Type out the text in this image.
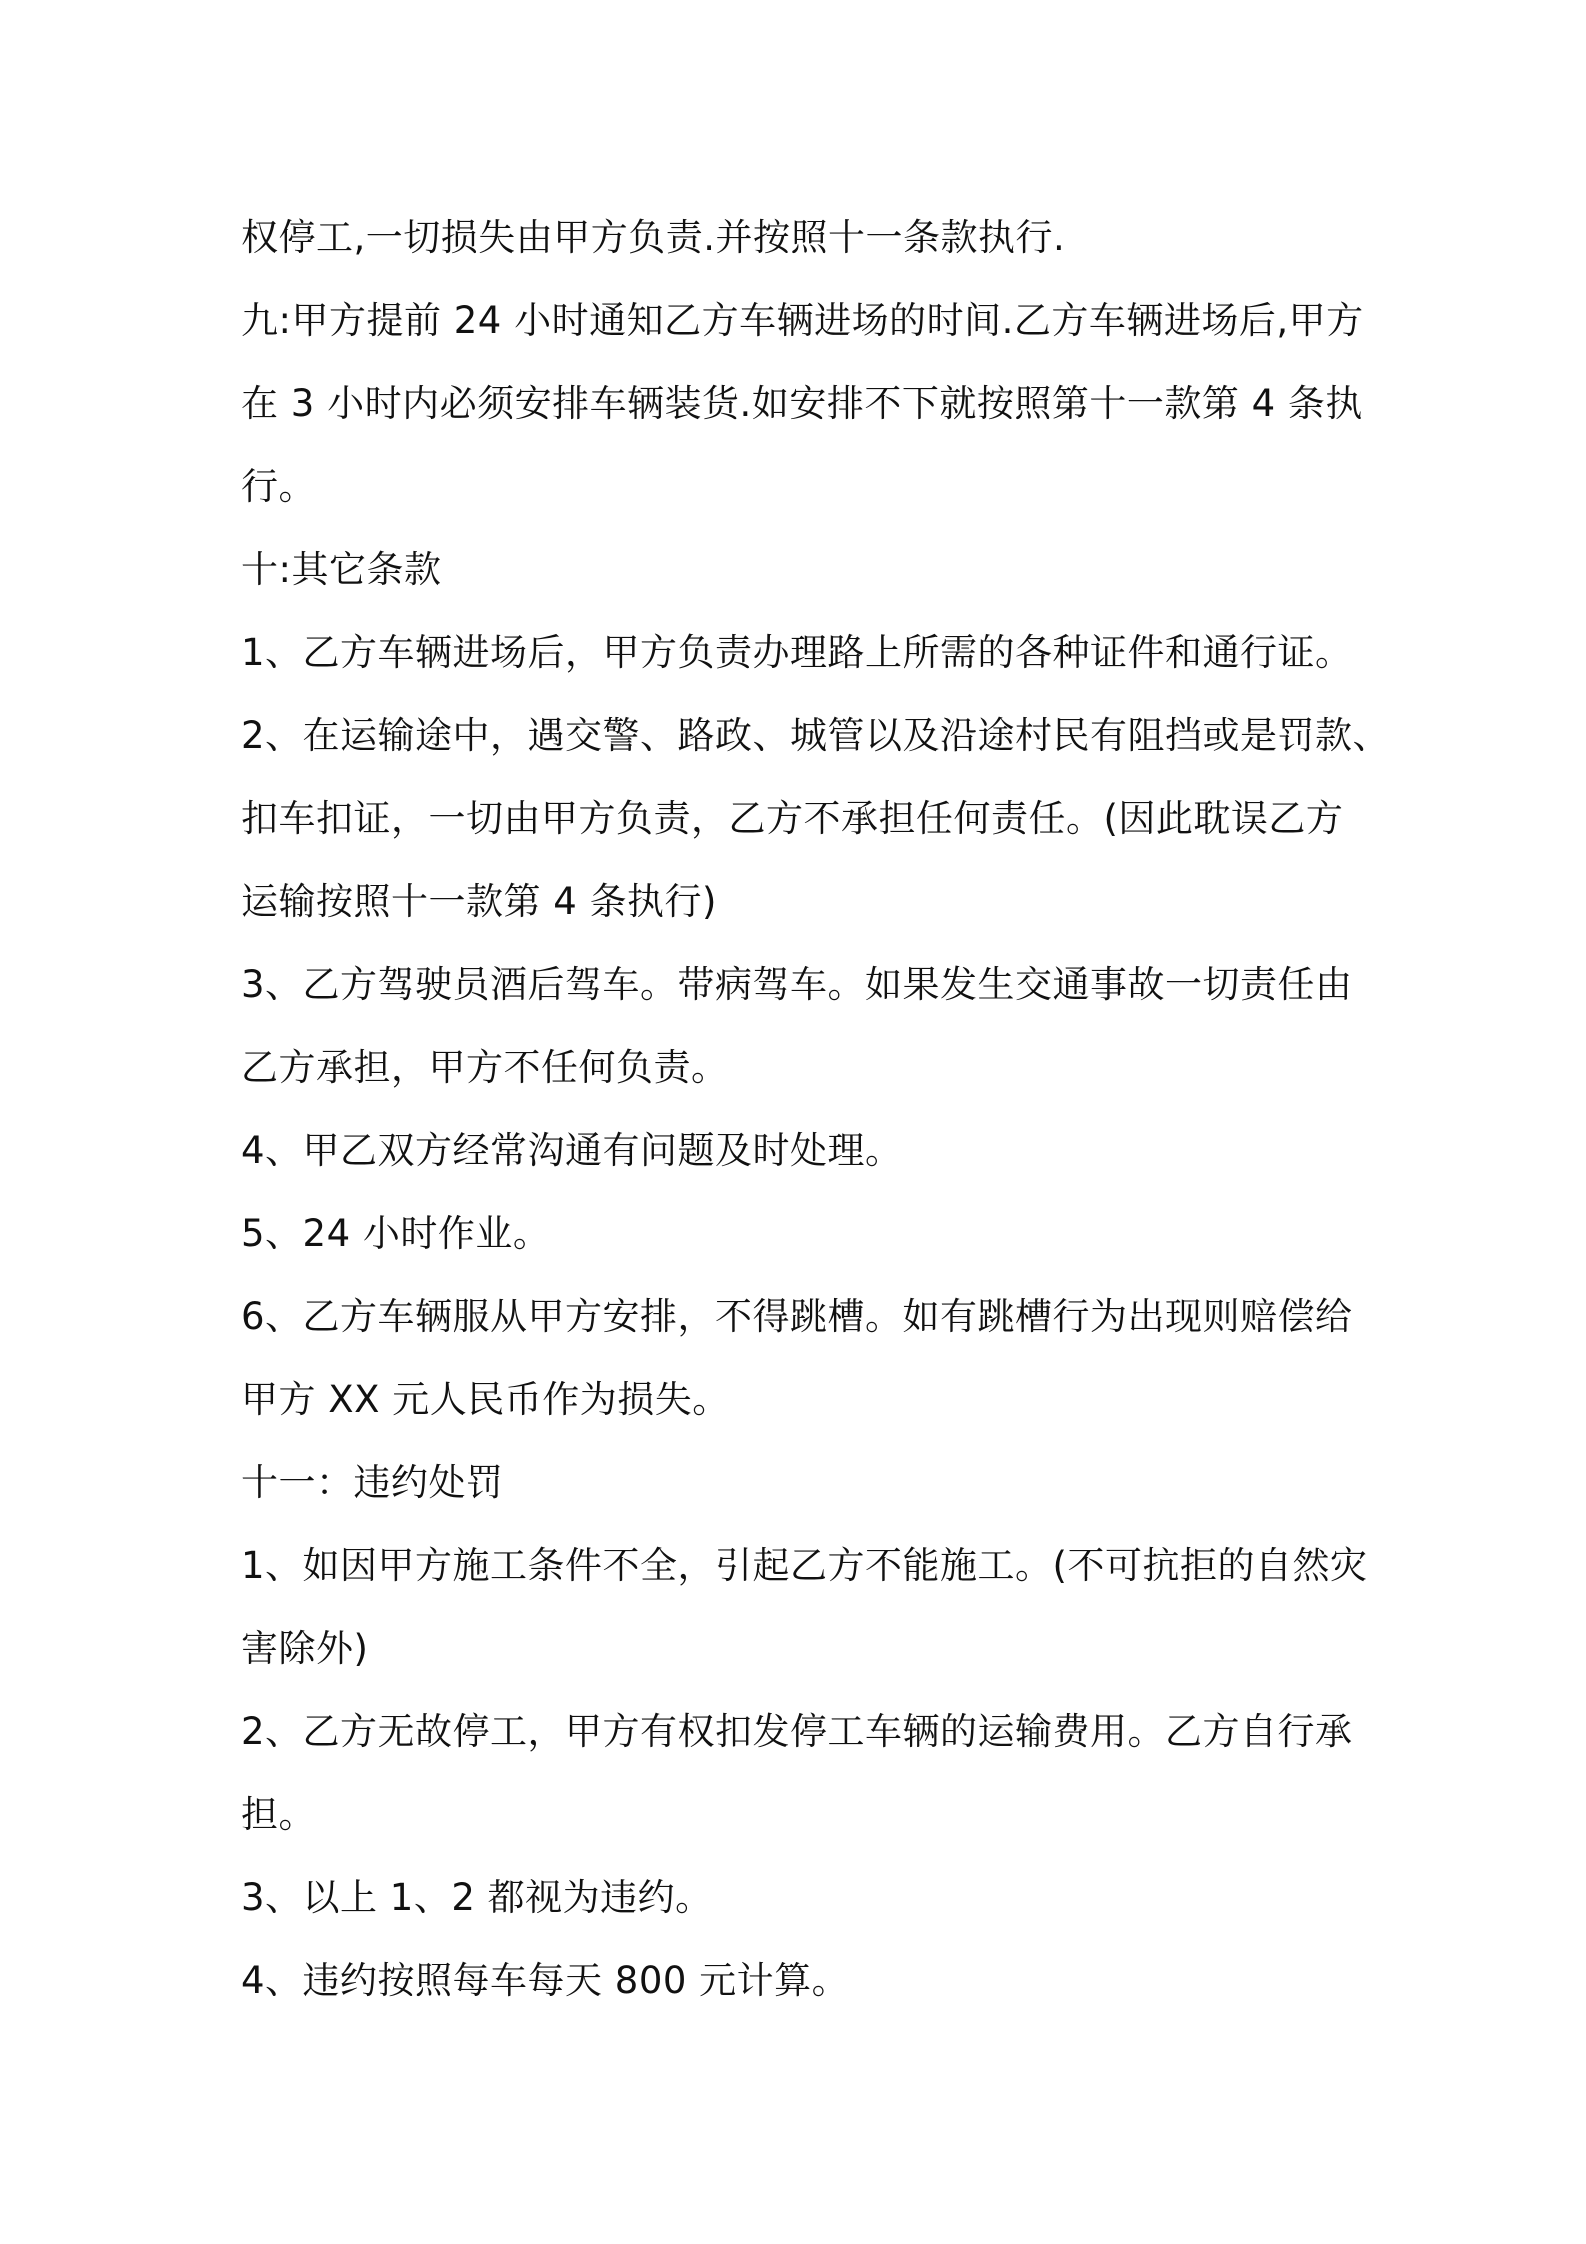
权停工,一切损失由甲方负责.并按照十一条款执行.
九:甲方提前 24 小时通知乙方车辆进场的时间.乙方车辆进场后,甲方
在 3 小时内必须安排车辆装货.如安排不下就按照第十一款第 4 条执
行。
十:其它条款
1、乙方车辆进场后，甲方负责办理路上所需的各种证件和通行证。
2、在运输途中，遇交警、路政、城管以及沿途村民有阻挡或是罚款、
扣车扣证，一切由甲方负责，乙方不承担任何责任。(因此耽误乙方
运输按照十一款第 4 条执行)
3、乙方驾驶员酒后驾车。带病驾车。如果发生交通事故一切责任由
乙方承担，甲方不任何负责。
4、甲乙双方经常沟通有问题及时处理。
5、24 小时作业。
6、乙方车辆服从甲方安排，不得跳槽。如有跳槽行为出现则赔偿给
甲方 XX 元人民币作为损失。
十一：违约处罚
1、如因甲方施工条件不全，引起乙方不能施工。(不可抗拒的自然灾
害除外)
2、乙方无故停工，甲方有权扣发停工车辆的运输费用。乙方自行承
担。
3、以上 1、2 都视为违约。
4、违约按照每车每天 800 元计算。
